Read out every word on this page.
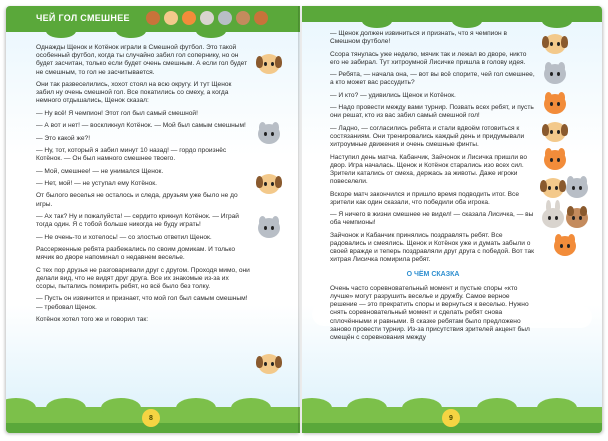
ЧЕЙ ГОЛ СМЕШНЕЕ

Однажды Щенок и Котёнок играли в Смешной футбол. Это такой особенный футбол, когда ты случайно забил гол сопернику, но он будет засчитан, только если будет очень смешным. А если гол будет не смешным, то гол не засчитывается.

Они так развеселились, хохот стоял на всю округу. И тут Щенок забил ну очень смешной гол. Все покатились со смеху, а когда немного отдышались, Щенок сказал:

— Ну всё! Я чемпион! Этот гол был самый смешной!

— А вот и нет! — воскликнул Котёнок. — Мой был самым смешным!

— Это какой же?!

— Ну, тот, который я забил минут 10 назад! — гордо произнёс Котёнок. — Он был намного смешнее твоего.

— Мой, смешнее! — не унимался Щенок.

— Нет, мой! — не уступал ему Котёнок.

От былого веселья не осталось и следа, друзьям уже было не до игры.

— Ах так? Ну и пожалуйста! — сердито крикнул Котёнок. — Играй тогда один. Я с тобой больше никогда не буду играть!

— Не очень-то и хотелось! — со злостью ответил Щенок.

Рассерженные ребята разбежались по своим домикам. И только мячик во дворе напоминал о недавнем веселье.

С тех пор друзья не разговаривали друг с другом. Проходя мимо, они делали вид, что не видят друг друга. Все их знакомые из-за их ссоры, пытались помирить ребят, но всё было без толку.

— Пусть он извинится и признает, что мой гол был самым смешным! — требовал Щенок.

Котёнок хотел того же и говорил так:

8

— Щенок должен извиниться и признать, что я чемпион в Смешном футболе!

Ссора тянулась уже неделю, мячик так и лежал во дворе, никто его не забирал. Тут хитроумной Лисичке пришла в голову идея.

— Ребята, — начала она, — вот вы всё спорите, чей гол смешнее, а кто может вас рассудить?

— И кто? — удивились Щенок и Котёнок.

— Надо провести между вами турнир. Позвать всех ребят, и пусть они решат, кто из вас забил самый смешной гол!

— Ладно, — согласились ребята и стали вдвоём готовиться к состязаниям. Они тренировались каждый день и придумывали хитроумные движения и очень смешные финты.

Наступил день матча. Кабанчик, Зайчонок и Лисичка пришли во двор. Игра началась. Щенок и Котёнок старались изо всех сил. Зрители катались от смеха, держась за животы. Даже игроки повеселели.

Вскоре матч закончился и пришло время подводить итог. Все зрители как один сказали, что победили оба игрока.

— Я ничего в жизни смешнее не видел! — сказала Лисичка, — вы оба чемпионы!

Зайчонок и Кабанчик принялись поздравлять ребят. Все радовались и смеялись. Щенок и Котёнок уже и думать забыли о своей вражде и теперь поздравляли друг друга с победой. Вот так хитрая Лисичка помирила ребят.

О ЧЁМ СКАЗКА

Очень часто соревновательный момент и пустые споры «кто лучше» могут разрушить веселье и дружбу. Самое верное решение — это прекратить споры и вернуться к веселью. Нужно снять соревновательный момент и сделать ребят снова сплочёнными и равными. В сказке ребятам было предложено заново провести турнир. Из-за присутствия зрителей акцент был смещён с соревнования между

9
